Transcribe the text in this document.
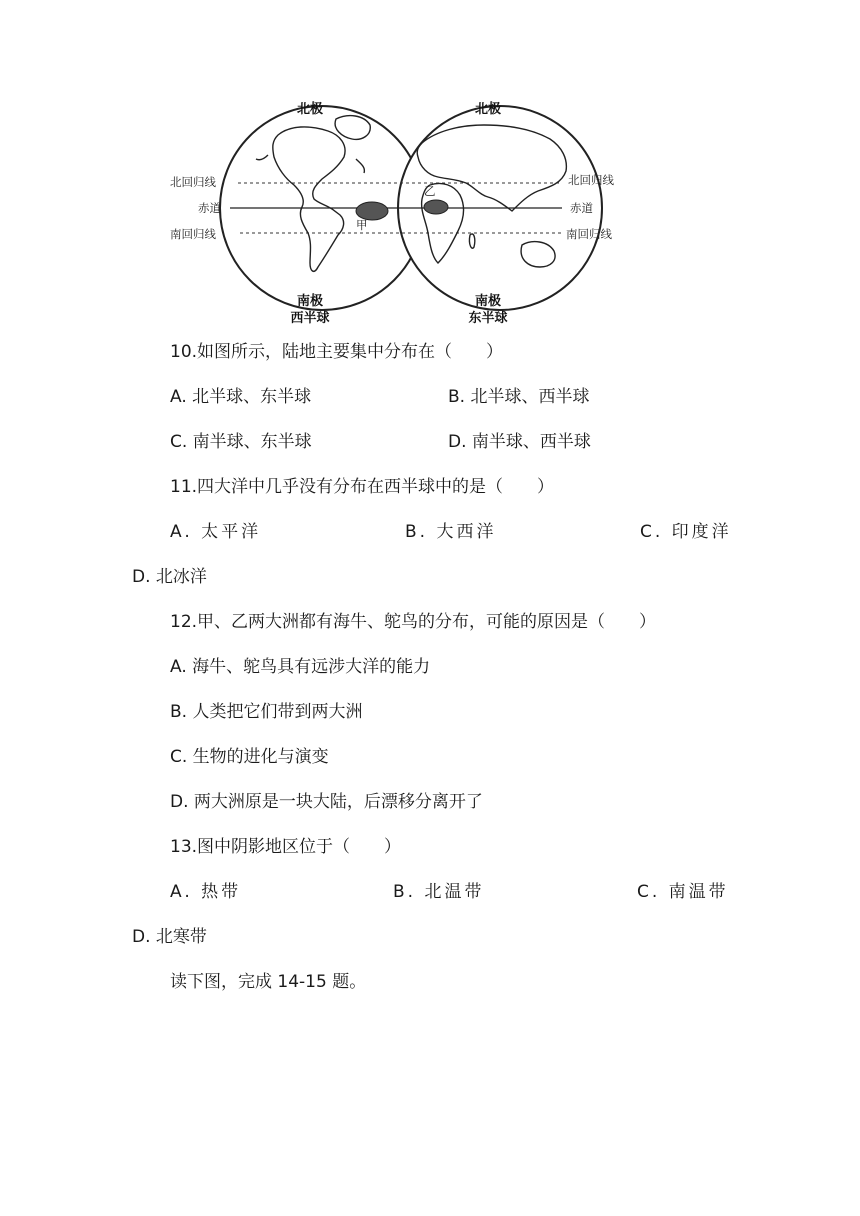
北极	北极
北回归线
赤道
南回归线
北回归线
赤道
南回归线
甲
乙
南极	南极
西半球	东半球
10.如图所示，陆地主要集中分布在（　　）
A. 北半球、东半球	B. 北半球、西半球
C. 南半球、东半球	D. 南半球、西半球
11.四大洋中几乎没有分布在西半球中的是（　　）
A. 太平洋	B. 大西洋	C. 印度洋
D. 北冰洋
12.甲、乙两大洲都有海牛、鸵鸟的分布，可能的原因是（　　）
A. 海牛、鸵鸟具有远涉大洋的能力
B. 人类把它们带到两大洲
C. 生物的进化与演变
D. 两大洲原是一块大陆，后漂移分离开了
13.图中阴影地区位于（　　）
A. 热带	B. 北温带	C. 南温带
D. 北寒带
读下图，完成 14-15 题。
